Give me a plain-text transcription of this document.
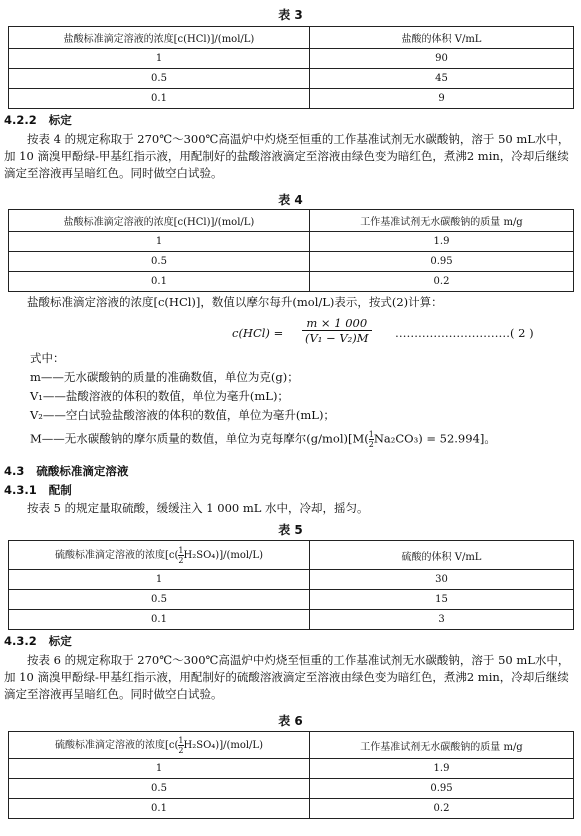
表 3
盐酸标准滴定溶液的浓度[c(HCl)]/(mol/L)	盐酸的体积 V/mL
1	90
0.5	45
0.1	9
4.2.2 标定
按表 4 的规定称取于 270℃～300℃高温炉中灼烧至恒重的工作基准试剂无水碳酸钠，溶于 50 mL水中，加 10 滴溴甲酚绿-甲基红指示液，用配制好的盐酸溶液滴定至溶液由绿色变为暗红色，煮沸2 min，冷却后继续滴定至溶液再呈暗红色。同时做空白试验。
表 4
盐酸标准滴定溶液的浓度[c(HCl)]/(mol/L)	工作基准试剂无水碳酸钠的质量 m/g
1	1.9
0.5	0.95
0.1	0.2
盐酸标准滴定溶液的浓度[c(HCl)]，数值以摩尔每升(mol/L)表示，按式(2)计算：
$c(HCl) = \frac{m \times 1 000}{\text{(V₁ − V₂)M}}$ …………………………( 2 )
式中：
m——无水碳酸钠的质量的准确数值，单位为克(g)；
V₁——盐酸溶液的体积的数值，单位为毫升(mL)；
V₂——空白试验盐酸溶液的体积的数值，单位为毫升(mL)；
M——无水碳酸钠的摩尔质量的数值，单位为克每摩尔$(g/mol)[M( \frac{1}{2} Na_2CO_3) = 52.994]$。
4.3 硫酸标准滴定溶液
4.3.1 配制
按表 5 的规定量取硫酸，缓缓注入 1 000 mL 水中，冷却，摇匀。
表 5
硫酸标准滴定溶液的浓度$[c( \frac{1}{2} H_2SO_4)]/(mol/L)$	硫酸的体积 V/mL
1	30
0.5	15
0.1	3
4.3.2 标定
按表 6 的规定称取于 270℃～300℃高温炉中灼烧至恒重的工作基准试剂无水碳酸钠，溶于 50 mL水中，加 10 滴溴甲酚绿-甲基红指示液，用配制好的硫酸溶液滴定至溶液由绿色变为暗红色，煮沸2 min，冷却后继续滴定至溶液再呈暗红色。同时做空白试验。
表 6
硫酸标准滴定溶液的浓度$[c( \frac{1}{2} H_2SO_4)]/(mol/L)$	工作基准试剂无水碳酸钠的质量 m/g
1	1.9
0.5	0.95
0.1	0.2
